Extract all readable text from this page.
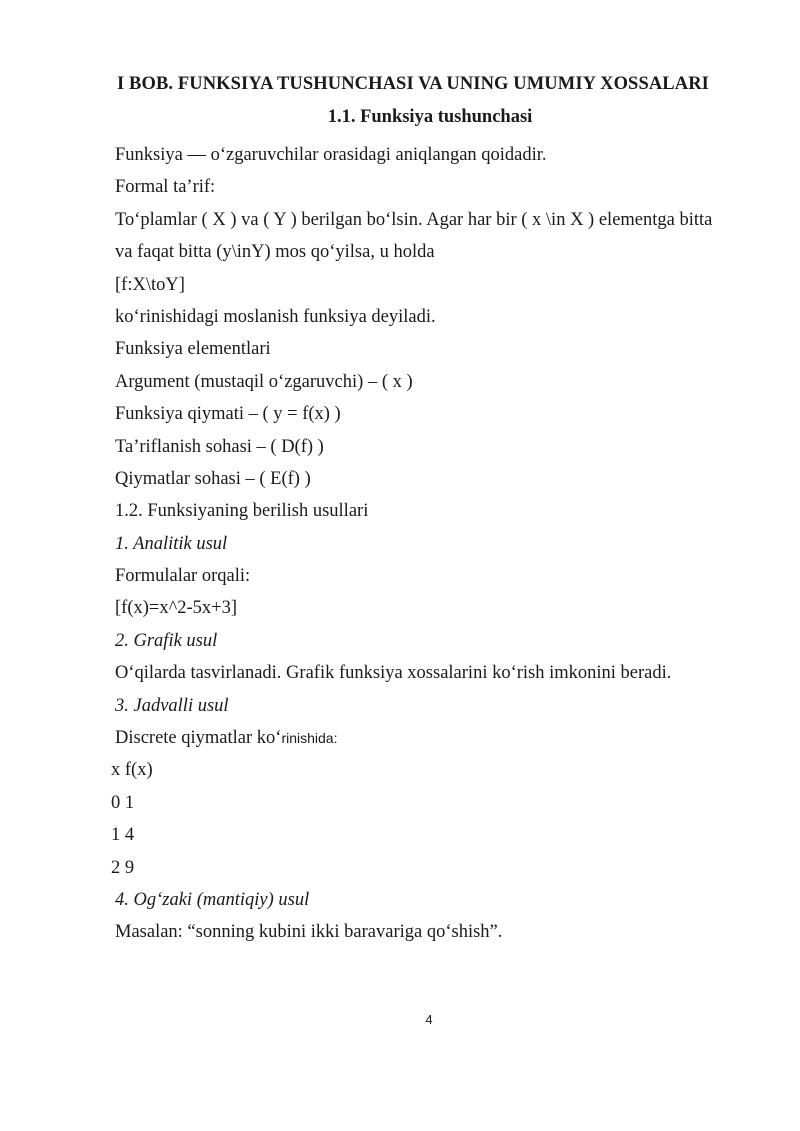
I BOB. FUNKSIYA TUSHUNCHASI VA UNING UMUMIY XOSSALARI
1.1. Funksiya tushunchasi
Funksiya — o‘zgaruvchilar orasidagi aniqlangan qoidadir.
Formal ta’rif:
To‘plamlar ( X ) va ( Y ) berilgan bo‘lsin. Agar har bir ( x \in X ) elementga bitta
va faqat bitta (y\inY) mos qo‘yilsa, u holda
[f:X\toY]
ko‘rinishidagi moslanish funksiya deyiladi.
Funksiya elementlari
Argument (mustaqil o‘zgaruvchi) – ( x )
Funksiya qiymati – ( y = f(x) )
Ta’riflanish sohasi – ( D(f) )
Qiymatlar sohasi – ( E(f) )
1.2. Funksiyaning berilish usullari
1. Analitik usul
Formulalar orqali:
[f(x)=x^2-5x+3]
2. Grafik usul
O‘qilarda tasvirlanadi. Grafik funksiya xossalarini ko‘rish imkonini beradi.
3. Jadvalli usul
Discrete qiymatlar ko‘rinishida:
x f(x)
0 1
1 4
2 9
4. Og‘zaki (mantiqiy) usul
Masalan: “sonning kubini ikki baravariga qo‘shish”.
4
